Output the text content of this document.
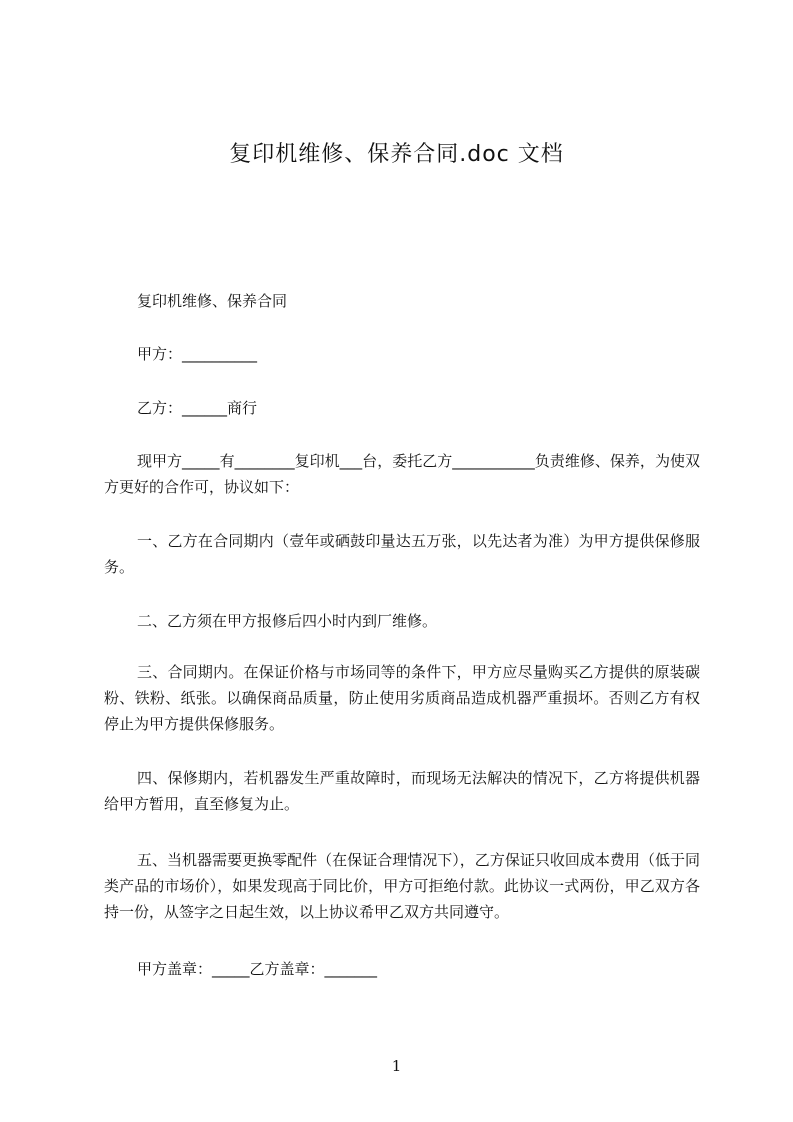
复印机维修、保养合同.doc 文档
复印机维修、保养合同
甲方：__________
乙方：______商行
现甲方_____有________复印机___台，委托乙方___________负责维修、保养，为使双方更好的合作可，协议如下：
一、乙方在合同期内（壹年或硒鼓印量达五万张，以先达者为准）为甲方提供保修服务。
二、乙方须在甲方报修后四小时内到厂维修。
三、合同期内。在保证价格与市场同等的条件下，甲方应尽量购买乙方提供的原装碳粉、铁粉、纸张。以确保商品质量，防止使用劣质商品造成机器严重损坏。否则乙方有权停止为甲方提供保修服务。
四、保修期内，若机器发生严重故障时，而现场无法解决的情况下，乙方将提供机器给甲方暂用，直至修复为止。
五、当机器需要更换零配件（在保证合理情况下），乙方保证只收回成本费用（低于同类产品的市场价），如果发现高于同比价，甲方可拒绝付款。此协议一式两份，甲乙双方各持一份，从签字之日起生效，以上协议希甲乙双方共同遵守。
甲方盖章：_____乙方盖章：_______
1
